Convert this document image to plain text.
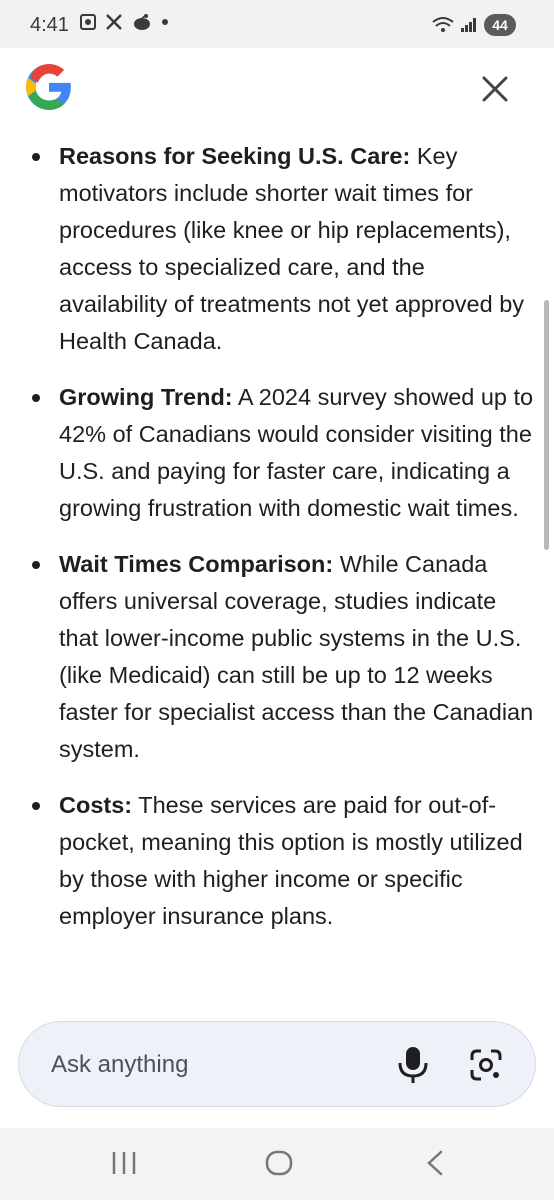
4:41	44
Reasons for Seeking U.S. Care: Key motivators include shorter wait times for procedures (like knee or hip replacements), access to specialized care, and the availability of treatments not yet approved by Health Canada.
Growing Trend: A 2024 survey showed up to 42% of Canadians would consider visiting the U.S. and paying for faster care, indicating a growing frustration with domestic wait times.
Wait Times Comparison: While Canada offers universal coverage, studies indicate that lower-income public systems in the U.S. (like Medicaid) can still be up to 12 weeks faster for specialist access than the Canadian system.
Costs: These services are paid for out-of-pocket, meaning this option is mostly utilized by those with higher income or specific employer insurance plans.
Ask anything
